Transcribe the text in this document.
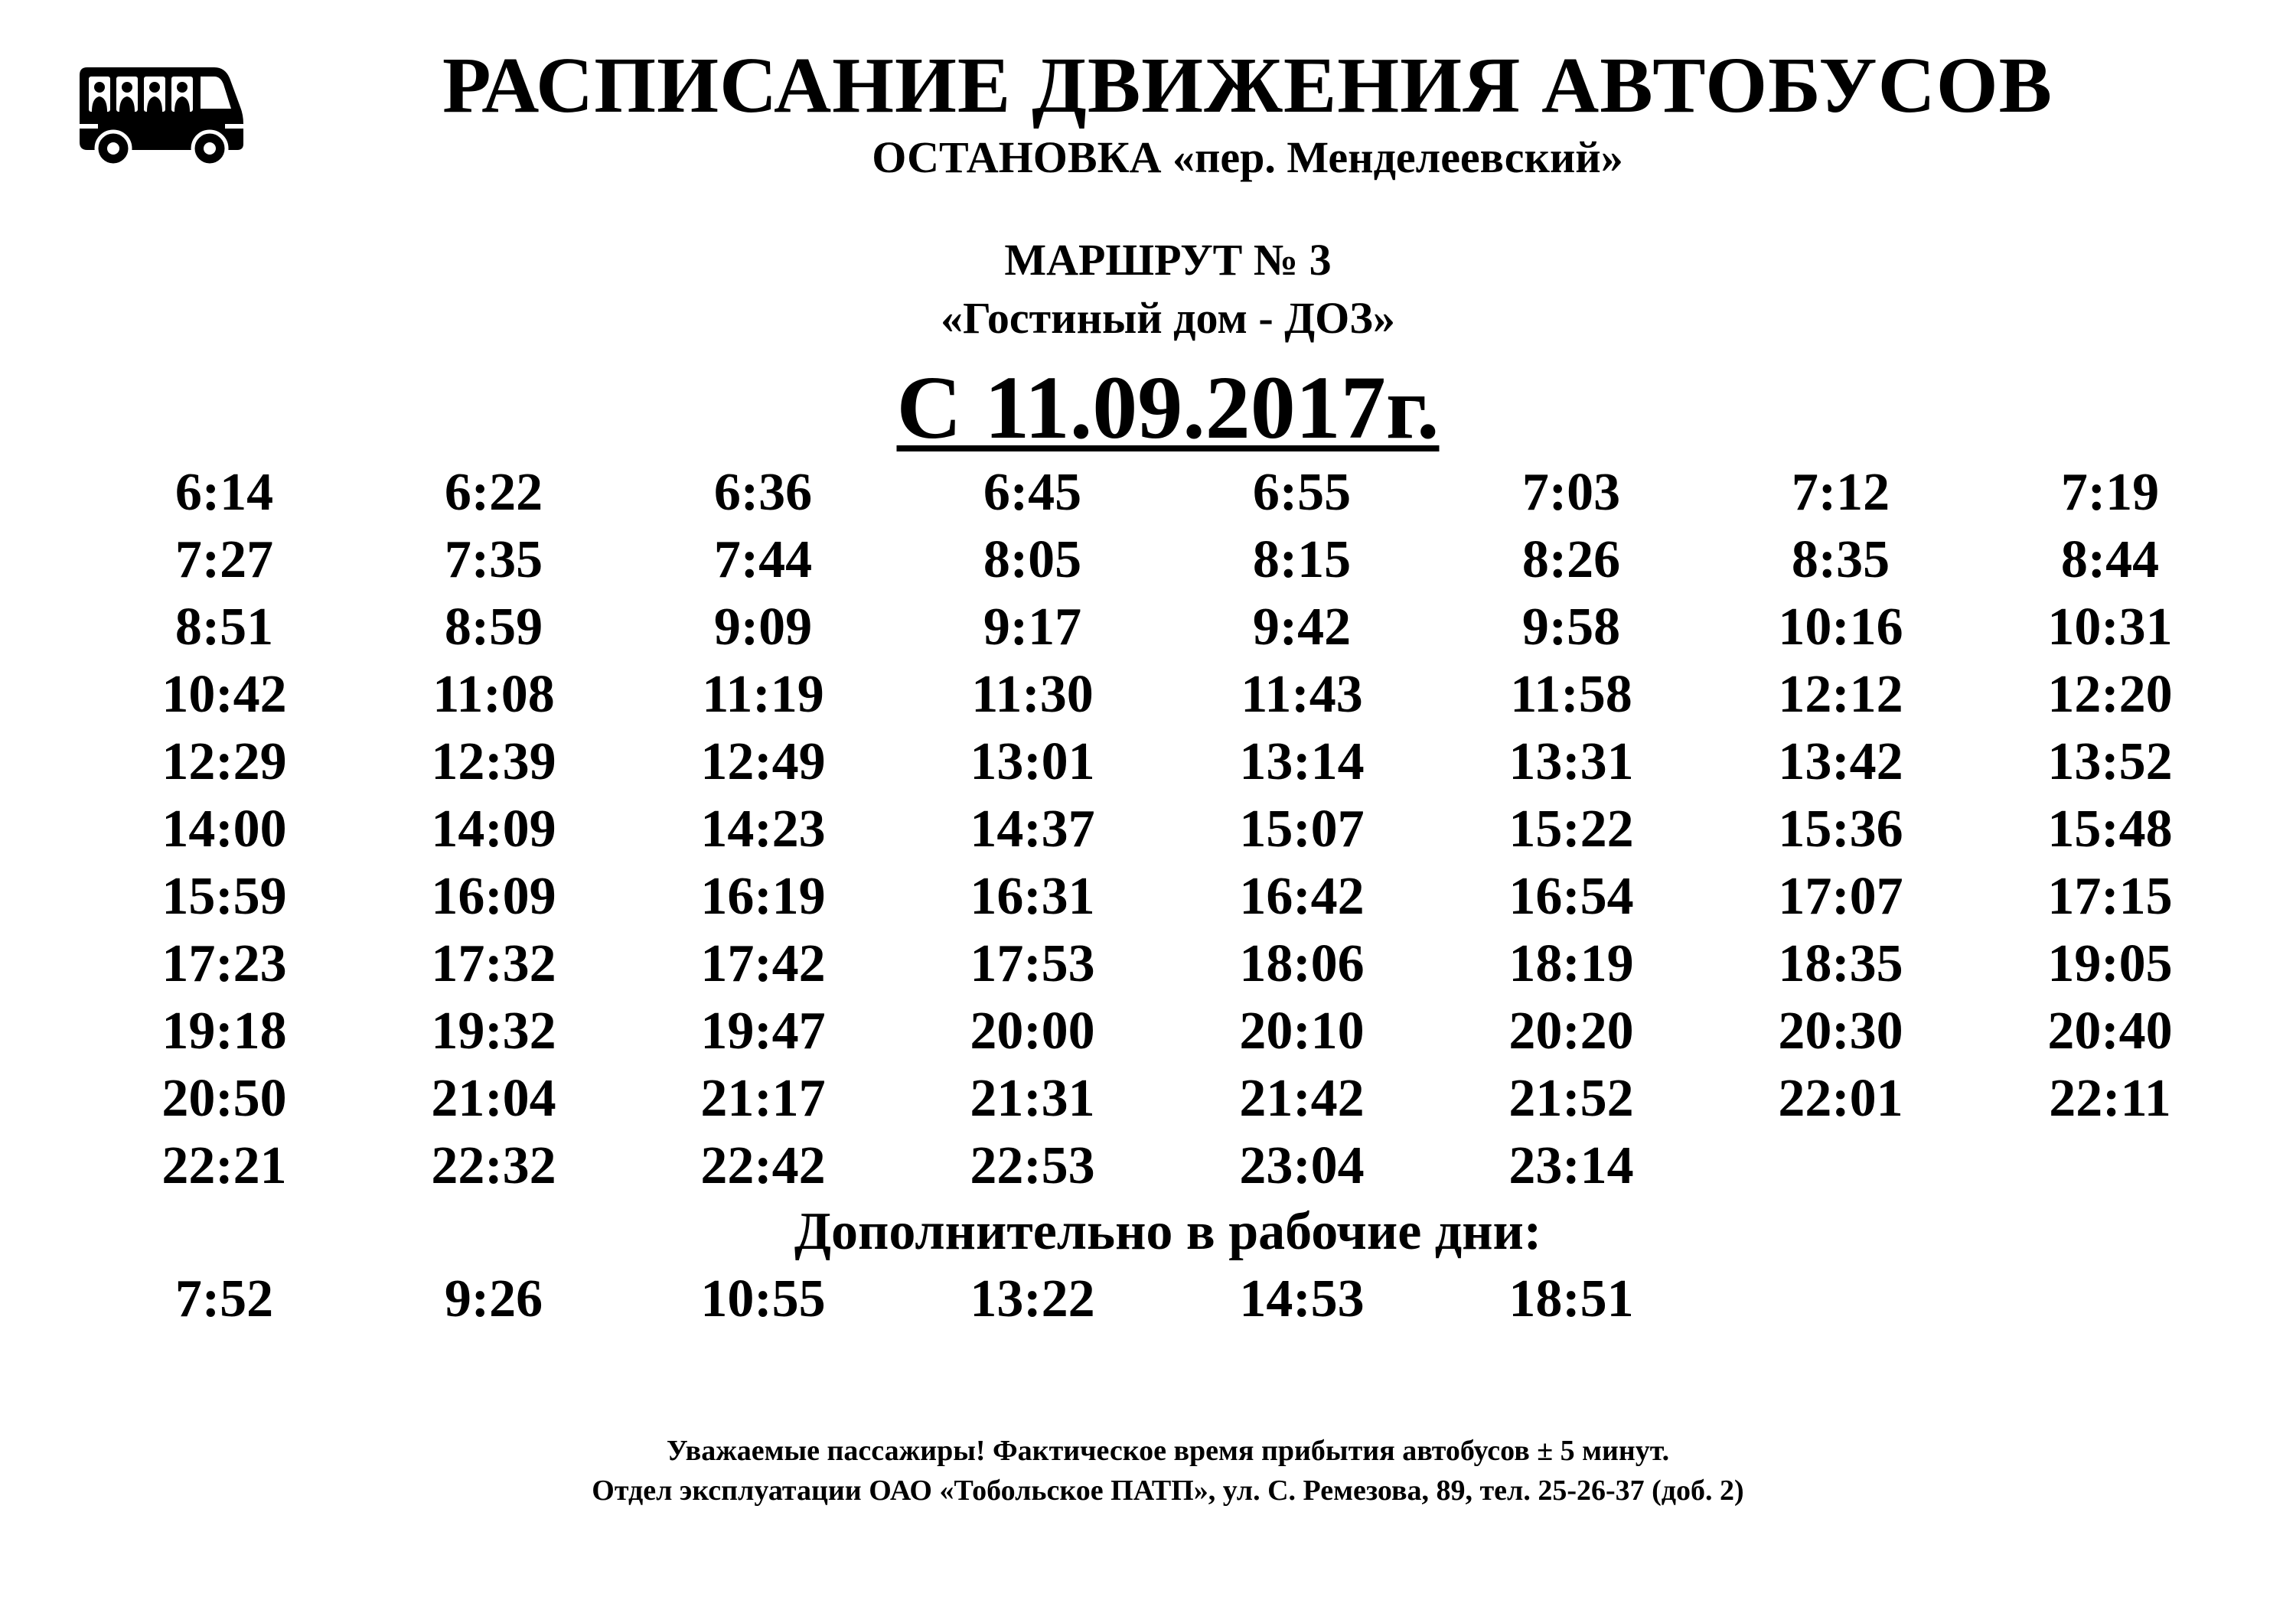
РАСПИСАНИЕ ДВИЖЕНИЯ АВТОБУСОВ
ОСТАНОВКА «пер. Менделеевский»
МАРШРУТ № 3
«Гостиный дом - ДОЗ»
С 11.09.2017г.
6:14	6:22	6:36	6:45	6:55	7:03	7:12	7:19
7:27	7:35	7:44	8:05	8:15	8:26	8:35	8:44
8:51	8:59	9:09	9:17	9:42	9:58	10:16	10:31
10:42	11:08	11:19	11:30	11:43	11:58	12:12	12:20
12:29	12:39	12:49	13:01	13:14	13:31	13:42	13:52
14:00	14:09	14:23	14:37	15:07	15:22	15:36	15:48
15:59	16:09	16:19	16:31	16:42	16:54	17:07	17:15
17:23	17:32	17:42	17:53	18:06	18:19	18:35	19:05
19:18	19:32	19:47	20:00	20:10	20:20	20:30	20:40
20:50	21:04	21:17	21:31	21:42	21:52	22:01	22:11
22:21	22:32	22:42	22:53	23:04	23:14
Дополнительно в рабочие дни:
7:52	9:26	10:55	13:22	14:53	18:51
Уважаемые пассажиры! Фактическое время прибытия автобусов ± 5 минут.
Отдел эксплуатации ОАО «Тобольское ПАТП», ул. С. Ремезова, 89, тел. 25-26-37 (доб. 2)
